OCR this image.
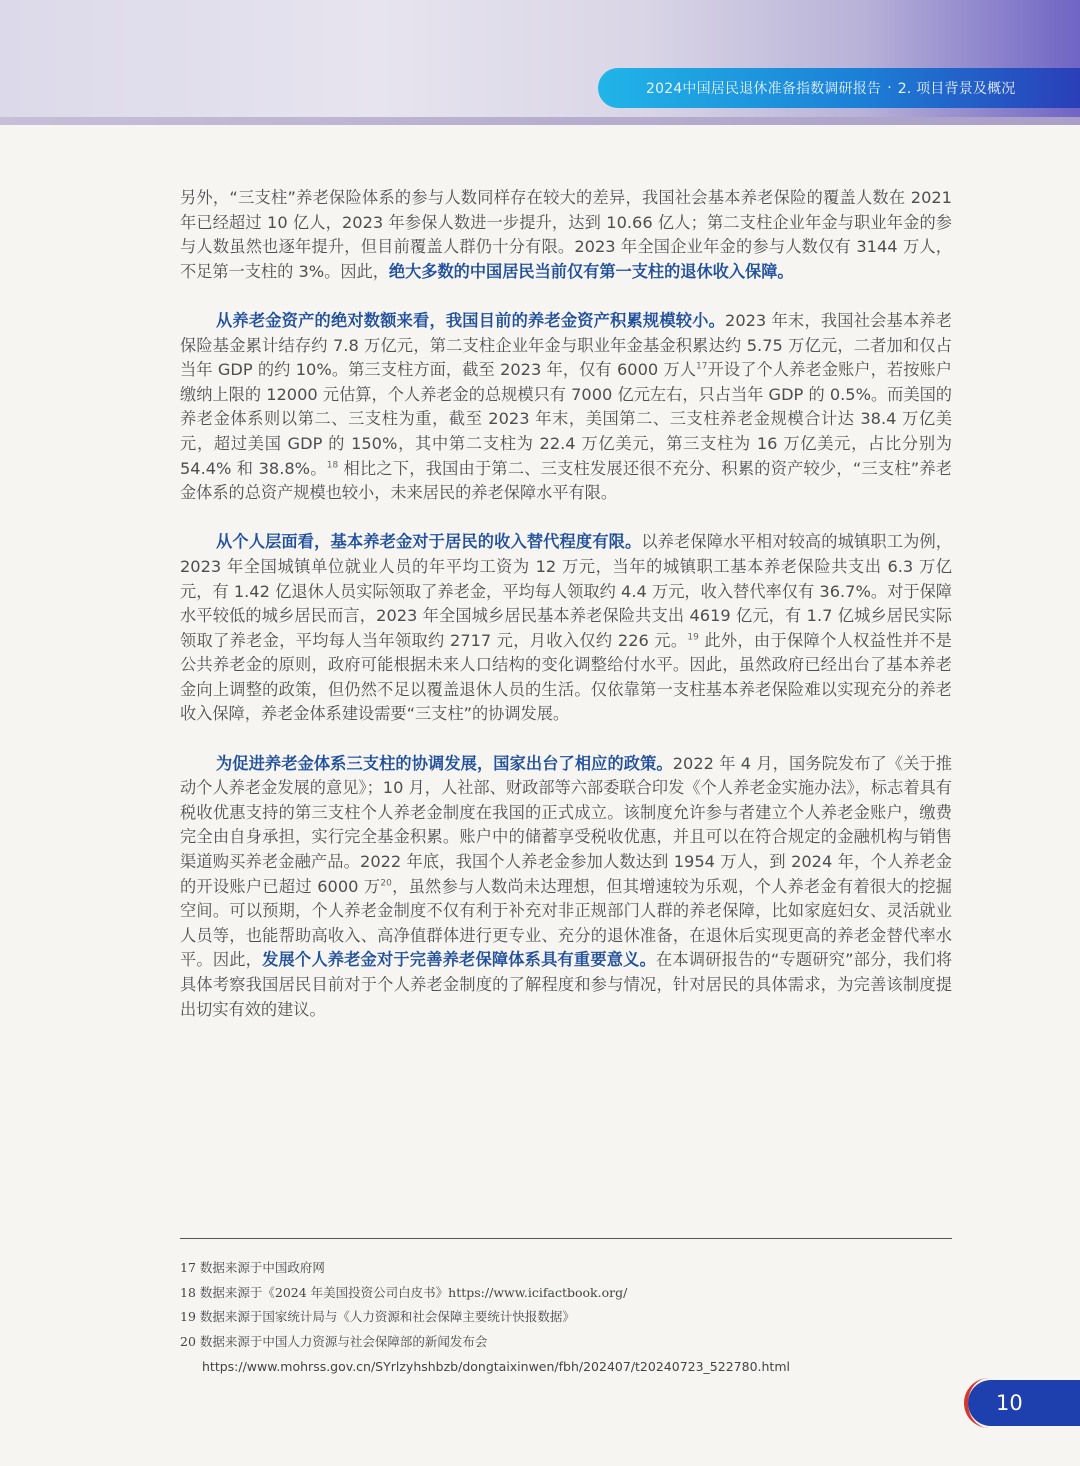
2024中国居民退休准备指数调研报告 · 2. 项目背景及概况

另外，“三支柱”养老保险体系的参与人数同样存在较大的差异，我国社会基本养老保险的覆盖人数在 2021 年已经超过 10 亿人，2023 年参保人数进一步提升，达到 10.66 亿人；第二支柱企业年金与职业年金的参与人数虽然也逐年提升，但目前覆盖人群仍十分有限。2023 年全国企业年金的参与人数仅有 3144 万人，不足第一支柱的 3%。因此，绝大多数的中国居民当前仅有第一支柱的退休收入保障。

从养老金资产的绝对数额来看，我国目前的养老金资产积累规模较小。2023 年末，我国社会基本养老保险基金累计结存约 7.8 万亿元，第二支柱企业年金与职业年金基金积累达约 5.75 万亿元，二者加和仅占当年 GDP 的约 10%。第三支柱方面，截至 2023 年，仅有 6000 万人$^{17}$开设了个人养老金账户，若按账户缴纳上限的 12000 元估算，个人养老金的总规模只有 7000 亿元左右，只占当年 GDP 的 0.5%。而美国的养老金体系则以第二、三支柱为重，截至 2023 年末，美国第二、三支柱养老金规模合计达 38.4 万亿美元，超过美国 GDP 的 150%，其中第二支柱为 22.4 万亿美元，第三支柱为 16 万亿美元，占比分别为 54.4% 和 38.8%。$^{18}$ 相比之下，我国由于第二、三支柱发展还很不充分、积累的资产较少，“三支柱”养老金体系的总资产规模也较小，未来居民的养老保障水平有限。

从个人层面看，基本养老金对于居民的收入替代程度有限。以养老保障水平相对较高的城镇职工为例，2023 年全国城镇单位就业人员的年平均工资为 12 万元，当年的城镇职工基本养老保险共支出 6.3 万亿元，有 1.42 亿退休人员实际领取了养老金，平均每人领取约 4.4 万元，收入替代率仅有 36.7%。对于保障水平较低的城乡居民而言，2023 年全国城乡居民基本养老保险共支出 4619 亿元，有 1.7 亿城乡居民实际领取了养老金，平均每人当年领取约 2717 元，月收入仅约 226 元。$^{19}$ 此外，由于保障个人权益性并不是公共养老金的原则，政府可能根据未来人口结构的变化调整给付水平。因此，虽然政府已经出台了基本养老金向上调整的政策，但仍然不足以覆盖退休人员的生活。仅依靠第一支柱基本养老保险难以实现充分的养老收入保障，养老金体系建设需要“三支柱”的协调发展。

为促进养老金体系三支柱的协调发展，国家出台了相应的政策。2022 年 4 月，国务院发布了《关于推动个人养老金发展的意见》；10 月，人社部、财政部等六部委联合印发《个人养老金实施办法》，标志着具有税收优惠支持的第三支柱个人养老金制度在我国的正式成立。该制度允许参与者建立个人养老金账户，缴费完全由自身承担，实行完全基金积累。账户中的储蓄享受税收优惠，并且可以在符合规定的金融机构与销售渠道购买养老金融产品。2022 年底，我国个人养老金参加人数达到 1954 万人，到 2024 年，个人养老金的开设账户已超过 6000 万$^{20}$，虽然参与人数尚未达理想，但其增速较为乐观，个人养老金有着很大的挖掘空间。可以预期，个人养老金制度不仅有利于补充对非正规部门人群的养老保障，比如家庭妇女、灵活就业人员等，也能帮助高收入、高净值群体进行更专业、充分的退休准备，在退休后实现更高的养老金替代率水平。因此，发展个人养老金对于完善养老保障体系具有重要意义。在本调研报告的“专题研究”部分，我们将具体考察我国居民目前对于个人养老金制度的了解程度和参与情况，针对居民的具体需求，为完善该制度提出切实有效的建议。

17 数据来源于中国政府网
18 数据来源于《2024 年美国投资公司白皮书》https://www.icifactbook.org/
19 数据来源于国家统计局与《人力资源和社会保障主要统计快报数据》
20 数据来源于中国人力资源与社会保障部的新闻发布会
https://www.mohrss.gov.cn/SYrlzyhshbzb/dongtaixinwen/fbh/202407/t20240723_522780.html
10
